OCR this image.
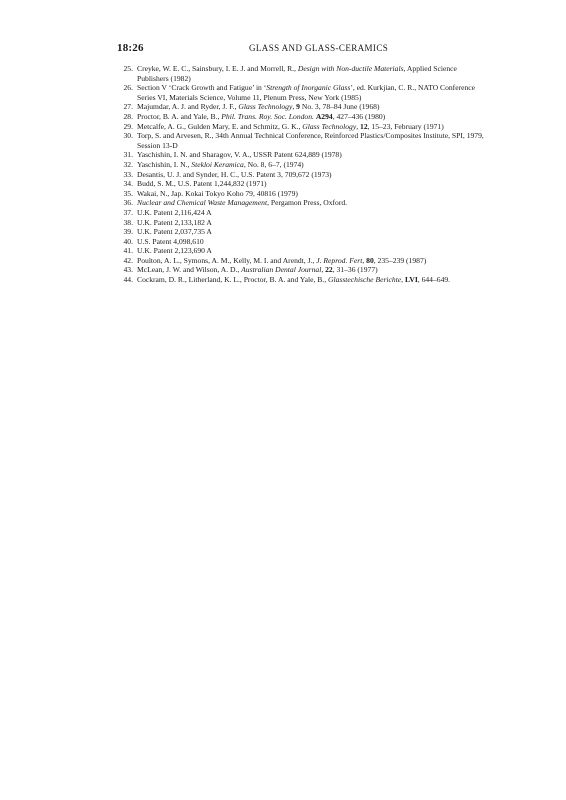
18:26	GLASS AND GLASS-CERAMICS
25. Creyke, W. E. C., Sainsbury, I. E. J. and Morrell, R., Design with Non-ductile Materials, Applied Science Publishers (1982)
26. Section V ‘Crack Growth and Fatigue’ in ‘Strength of Inorganic Glass’, ed. Kurkjian, C. R., NATO Conference Series VI, Materials Science, Volume 11, Plenum Press, New York (1985)
27. Majumdar, A. J. and Ryder, J. F., Glass Technology, 9 No. 3, 78–84 June (1968)
28. Proctor, B. A. and Yale, B., Phil. Trans. Roy. Soc. London. A294, 427–436 (1980)
29. Metcalfe, A. G., Gulden Mary, E. and Schmitz, G. K., Glass Technology, 12, 15–23, February (1971)
30. Torp, S. and Arvesen, R., 34th Annual Technical Conference, Reinforced Plastics/Composites Institute, SPI, 1979, Session 13-D
31. Yaschishin, I. N. and Sharagov, V. A., USSR Patent 624,889 (1978)
32. Yaschishin, I. N., Stekloi Keramica, No. 8, 6–7, (1974)
33. Desantis, U. J. and Synder, H. C., U.S. Patent 3, 709,672 (1973)
34. Budd, S. M., U.S. Patent 1,244,832 (1971)
35. Wakai, N., Jap. Kokai Tokyo Koho 79, 40816 (1979)
36. Nuclear and Chemical Waste Management, Pergamon Press, Oxford.
37. U.K. Patent 2,116,424 A
38. U.K. Patent 2,133,182 A
39. U.K. Patent 2,037,735 A
40. U.S. Patent 4,098,610
41. U.K. Patent 2,123,690 A
42. Poulton, A. L., Symons, A. M., Kelly, M. I. and Arendt, J., J. Reprod. Fert, 80, 235–239 (1987)
43. McLean, J. W. and Wilson, A. D., Australian Dental Journal, 22, 31–36 (1977)
44. Cockram, D. R., Litherland, K. L., Proctor, B. A. and Yale, B., Glasstechische Berichte, LVI, 644–649.
